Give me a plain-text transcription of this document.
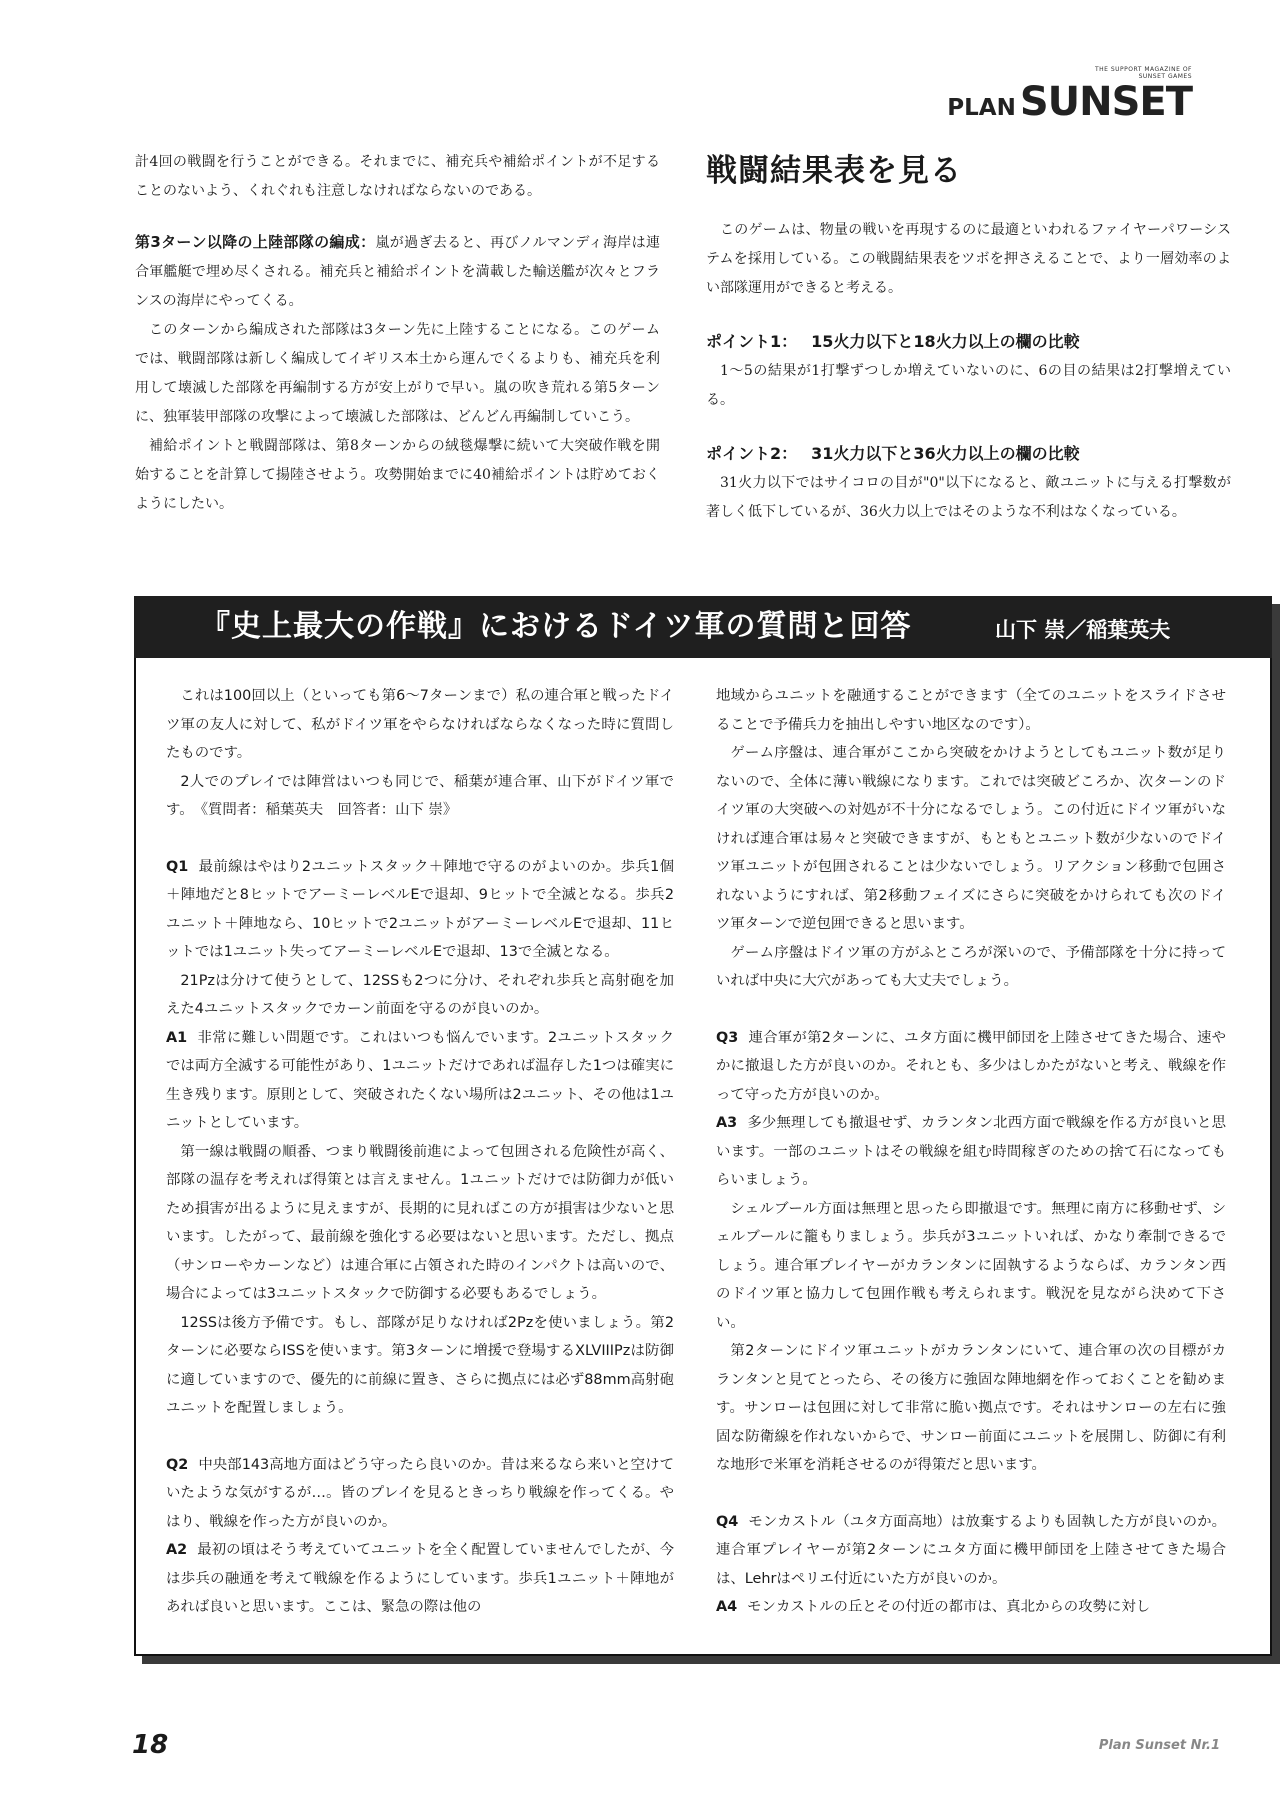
THE SUPPORT MAGAZINE OF
SUNSET GAMES
PLAN SUNSET

計4回の戦闘を行うことができる。それまでに、補充兵や補給ポイントが不足することのないよう、くれぐれも注意しなければならないのである。

第3ターン以降の上陸部隊の編成：嵐が過ぎ去ると、再びノルマンディ海岸は連合軍艦艇で埋め尽くされる。補充兵と補給ポイントを満載した輸送艦が次々とフランスの海岸にやってくる。

このターンから編成された部隊は3ターン先に上陸することになる。このゲームでは、戦闘部隊は新しく編成してイギリス本土から運んでくるよりも、補充兵を利用して壊滅した部隊を再編制する方が安上がりで早い。嵐の吹き荒れる第5ターンに、独軍装甲部隊の攻撃によって壊滅した部隊は、どんどん再編制していこう。

補給ポイントと戦闘部隊は、第8ターンからの絨毯爆撃に続いて大突破作戦を開始することを計算して揚陸させよう。攻勢開始までに40補給ポイントは貯めておくようにしたい。

戦闘結果表を見る

このゲームは、物量の戦いを再現するのに最適といわれるファイヤーパワーシステムを採用している。この戦闘結果表をツボを押さえることで、より一層効率のよい部隊運用ができると考える。

ポイント1： 15火力以下と18火力以上の欄の比較

1～5の結果が1打撃ずつしか増えていないのに、6の目の結果は2打撃増えている。

ポイント2： 31火力以下と36火力以上の欄の比較

31火力以下ではサイコロの目が"0"以下になると、敵ユニットに与える打撃数が著しく低下しているが、36火力以上ではそのような不利はなくなっている。

『史上最大の作戦』におけるドイツ軍の質問と回答	山下 崇／稲葉英夫

これは100回以上（といっても第6～7ターンまで）私の連合軍と戦ったドイツ軍の友人に対して、私がドイツ軍をやらなければならなくなった時に質問したものです。

2人でのプレイでは陣営はいつも同じで、稲葉が連合軍、山下がドイツ軍です。　《質問者：稲葉英夫　回答者：山下 崇》

Q1 最前線はやはり2ユニットスタック＋陣地で守るのがよいのか。歩兵1個＋陣地だと8ヒットでアーミーレベルEで退却、9ヒットで全滅となる。歩兵2ユニット＋陣地なら、10ヒットで2ユニットがアーミーレベルEで退却、11ヒットでは1ユニット失ってアーミーレベルEで退却、13で全滅となる。

21Pzは分けて使うとして、12SSも2つに分け、それぞれ歩兵と高射砲を加えた4ユニットスタックでカーン前面を守るのが良いのか。

A1 非常に難しい問題です。これはいつも悩んでいます。2ユニットスタックでは両方全滅する可能性があり、1ユニットだけであれば温存した1つは確実に生き残ります。原則として、突破されたくない場所は2ユニット、その他は1ユニットとしています。

第一線は戦闘の順番、つまり戦闘後前進によって包囲される危険性が高く、部隊の温存を考えれば得策とは言えません。1ユニットだけでは防御力が低いため損害が出るように見えますが、長期的に見ればこの方が損害は少ないと思います。したがって、最前線を強化する必要はないと思います。ただし、拠点（サンローやカーンなど）は連合軍に占領された時のインパクトは高いので、場合によっては3ユニットスタックで防御する必要もあるでしょう。

12SSは後方予備です。もし、部隊が足りなければ2Pzを使いましょう。第2ターンに必要ならISSを使います。第3ターンに増援で登場するXLVIIIPzは防御に適していますので、優先的に前線に置き、さらに拠点には必ず88mm高射砲ユニットを配置しましょう。

Q2 中央部143高地方面はどう守ったら良いのか。昔は来るなら来いと空けていたような気がするが…。皆のプレイを見るときっちり戦線を作ってくる。やはり、戦線を作った方が良いのか。

A2 最初の頃はそう考えていてユニットを全く配置していませんでしたが、今は歩兵の融通を考えて戦線を作るようにしています。歩兵1ユニット＋陣地があれば良いと思います。ここは、緊急の際は他の

地域からユニットを融通することができます（全てのユニットをスライドさせることで予備兵力を抽出しやすい地区なのです）。

ゲーム序盤は、連合軍がここから突破をかけようとしてもユニット数が足りないので、全体に薄い戦線になります。これでは突破どころか、次ターンのドイツ軍の大突破への対処が不十分になるでしょう。この付近にドイツ軍がいなければ連合軍は易々と突破できますが、もともとユニット数が少ないのでドイツ軍ユニットが包囲されることは少ないでしょう。リアクション移動で包囲されないようにすれば、第2移動フェイズにさらに突破をかけられても次のドイツ軍ターンで逆包囲できると思います。

ゲーム序盤はドイツ軍の方がふところが深いので、予備部隊を十分に持っていれば中央に大穴があっても大丈夫でしょう。

Q3 連合軍が第2ターンに、ユタ方面に機甲師団を上陸させてきた場合、速やかに撤退した方が良いのか。それとも、多少はしかたがないと考え、戦線を作って守った方が良いのか。

A3 多少無理しても撤退せず、カランタン北西方面で戦線を作る方が良いと思います。一部のユニットはその戦線を組む時間稼ぎのための捨て石になってもらいましょう。

シェルブール方面は無理と思ったら即撤退です。無理に南方に移動せず、シェルブールに籠もりましょう。歩兵が3ユニットいれば、かなり牽制できるでしょう。連合軍プレイヤーがカランタンに固執するようならば、カランタン西のドイツ軍と協力して包囲作戦も考えられます。戦況を見ながら決めて下さい。

第2ターンにドイツ軍ユニットがカランタンにいて、連合軍の次の目標がカランタンと見てとったら、その後方に強固な陣地網を作っておくことを勧めます。サンローは包囲に対して非常に脆い拠点です。それはサンローの左右に強固な防衛線を作れないからで、サンロー前面にユニットを展開し、防御に有利な地形で米軍を消耗させるのが得策だと思います。

Q4 モンカストル（ユタ方面高地）は放棄するよりも固執した方が良いのか。連合軍プレイヤーが第2ターンにユタ方面に機甲師団を上陸させてきた場合は、Lehrはペリエ付近にいた方が良いのか。

A4 モンカストルの丘とその付近の都市は、真北からの攻勢に対し

18	Plan Sunset Nr.1
